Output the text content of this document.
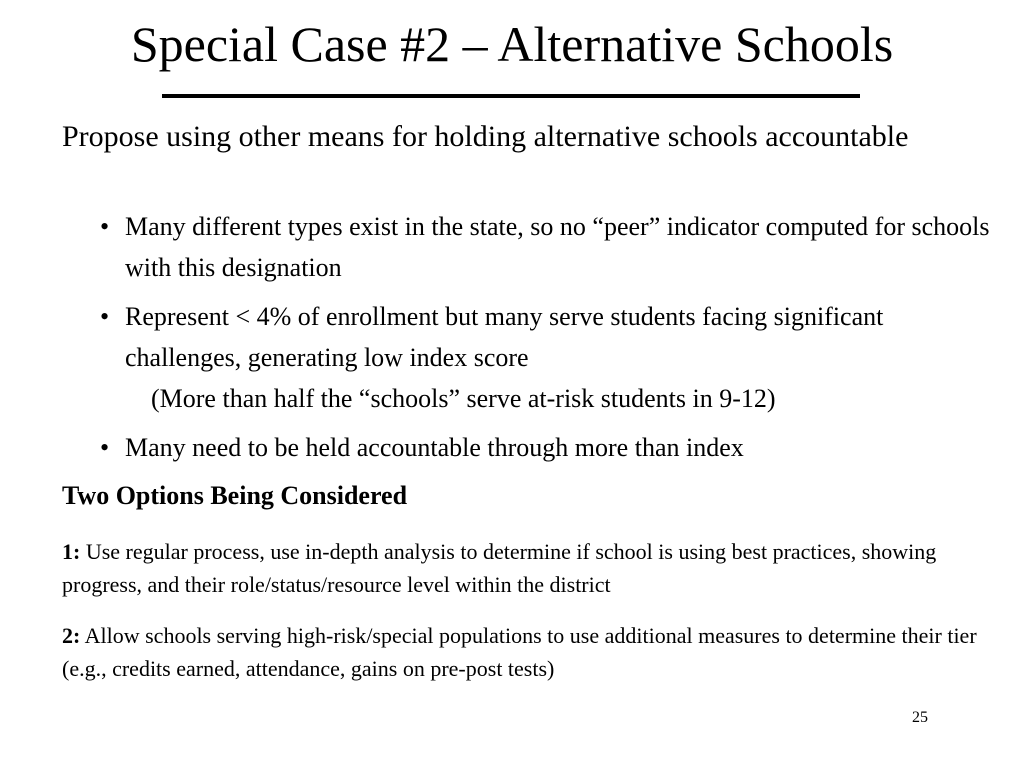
Special Case #2 – Alternative Schools
Propose using other means for holding alternative schools accountable
• Many different types exist in the state, so no “peer” indicator computed for schools with this designation
• Represent < 4% of enrollment but many serve students facing significant challenges, generating low index score
(More than half the “schools” serve at-risk students in 9-12)
• Many need to be held accountable through more than index
Two Options Being Considered
1: Use regular process, use in-depth analysis to determine if school is using best practices, showing progress, and their role/status/resource level within the district
2: Allow schools serving high-risk/special populations to use additional measures to determine their tier (e.g., credits earned, attendance, gains on pre-post tests)
25
